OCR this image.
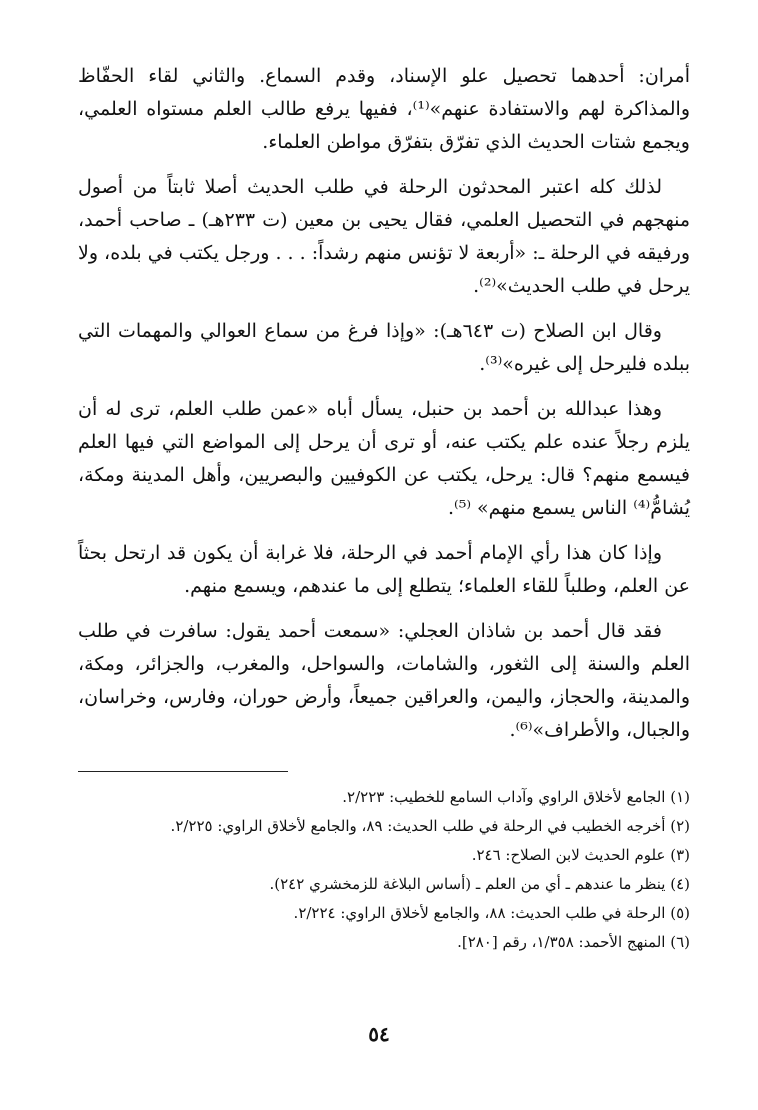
أمران: أحدهما تحصيل علو الإسناد، وقدم السماع. والثاني لقاء الحفّاظ والمذاكرة لهم والاستفادة عنهم»⁽¹⁾، ففيها يرفع طالب العلم مستواه العلمي، ويجمع شتات الحديث الذي تفرّق بتفرّق مواطن العلماء.

لذلك كله اعتبر المحدثون الرحلة في طلب الحديث أصلا ثابتاً من أصول منهجهم في التحصيل العلمي، فقال يحيى بن معين (ت ٢٣٣هـ) ـ صاحب أحمد، ورفيقه في الرحلة ـ: «أربعة لا تؤنس منهم رشداً: . . . ورجل يكتب في بلده، ولا يرحل في طلب الحديث»⁽²⁾.

وقال ابن الصلاح (ت ٦٤٣هـ): «وإذا فرغ من سماع العوالي والمهمات التي ببلده فليرحل إلى غيره»⁽³⁾.

وهذا عبدالله بن أحمد بن حنبل، يسأل أباه «عمن طلب العلم، ترى له أن يلزم رجلاً عنده علم يكتب عنه، أو ترى أن يرحل إلى المواضع التي فيها العلم فيسمع منهم؟ قال: يرحل، يكتب عن الكوفيين والبصريين، وأهل المدينة ومكة، يُشامُّ⁽⁴⁾ الناس يسمع منهم» ⁽⁵⁾.

وإذا كان هذا رأي الإمام أحمد في الرحلة، فلا غرابة أن يكون قد ارتحل بحثاً عن العلم، وطلباً للقاء العلماء؛ يتطلع إلى ما عندهم، ويسمع منهم.

فقد قال أحمد بن شاذان العجلي: «سمعت أحمد يقول: سافرت في طلب العلم والسنة إلى الثغور، والشامات، والسواحل، والمغرب، والجزائر، ومكة، والمدينة، والحجاز، واليمن، والعراقين جميعاً، وأرض حوران، وفارس، وخراسان، والجبال، والأطراف»⁽⁶⁾.

(١) الجامع لأخلاق الراوي وآداب السامع للخطيب: ٢/٢٢٣.

(٢) أخرجه الخطيب في الرحلة في طلب الحديث: ٨٩، والجامع لأخلاق الراوي: ٢/٢٢٥.

(٣) علوم الحديث لابن الصلاح: ٢٤٦.

(٤) ينظر ما عندهم ـ أي من العلم ـ (أساس البلاغة للزمخشري ٢٤٢).

(٥) الرحلة في طلب الحديث: ٨٨، والجامع لأخلاق الراوي: ٢/٢٢٤.

(٦) المنهج الأحمد: ١/٣٥٨، رقم [٢٨٠].

٥٤
